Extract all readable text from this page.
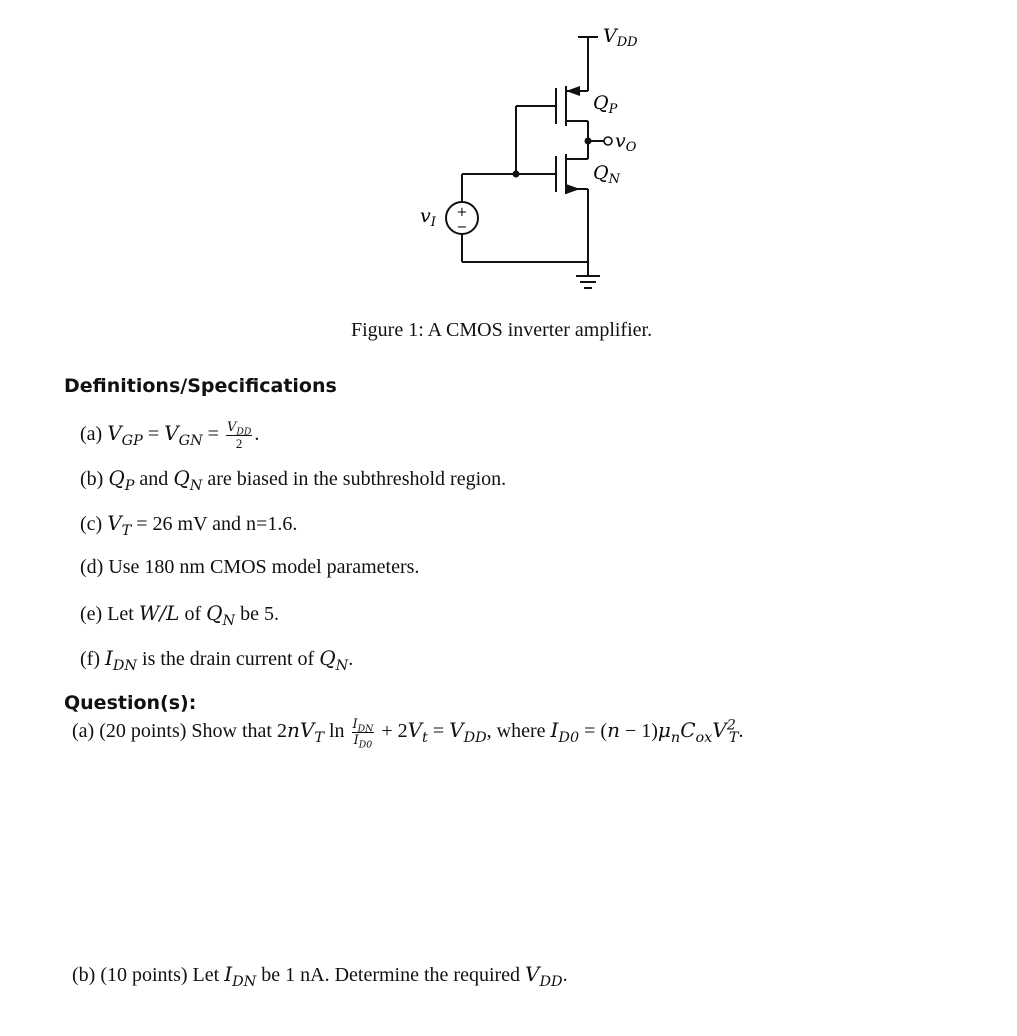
+
−
$V_{DD}$
$Q_P$
$v_O$
$Q_N$
$v_I$
Figure 1: A CMOS inverter amplifier.
Definitions/Specifications
(a) $V_{GP} = V_{GN} = \frac{V_{DD}}{2}$ .
(b) $Q_P$ and $Q_N$ are biased in the subthreshold region.
(c) $V_T = 26$ mV and n=1.6.
(d) Use 180 nm CMOS model parameters.
(e) Let W/L of $Q_N$ be 5.
(f) $I_{DN}$ is the drain current of $Q_N$.
Question(s):
(a) (20 points) Show that $2nV_T$ $\ln \frac{I_{DN}}{I_{D0}} + 2V_t = V_{DD}$, where $I_{D0} = (n - 1)\mu_nC_{ox}V^2_T$.
(b) (10 points) Let $I_{DN}$ be 1 nA. Determine the required $V_{DD}$.
